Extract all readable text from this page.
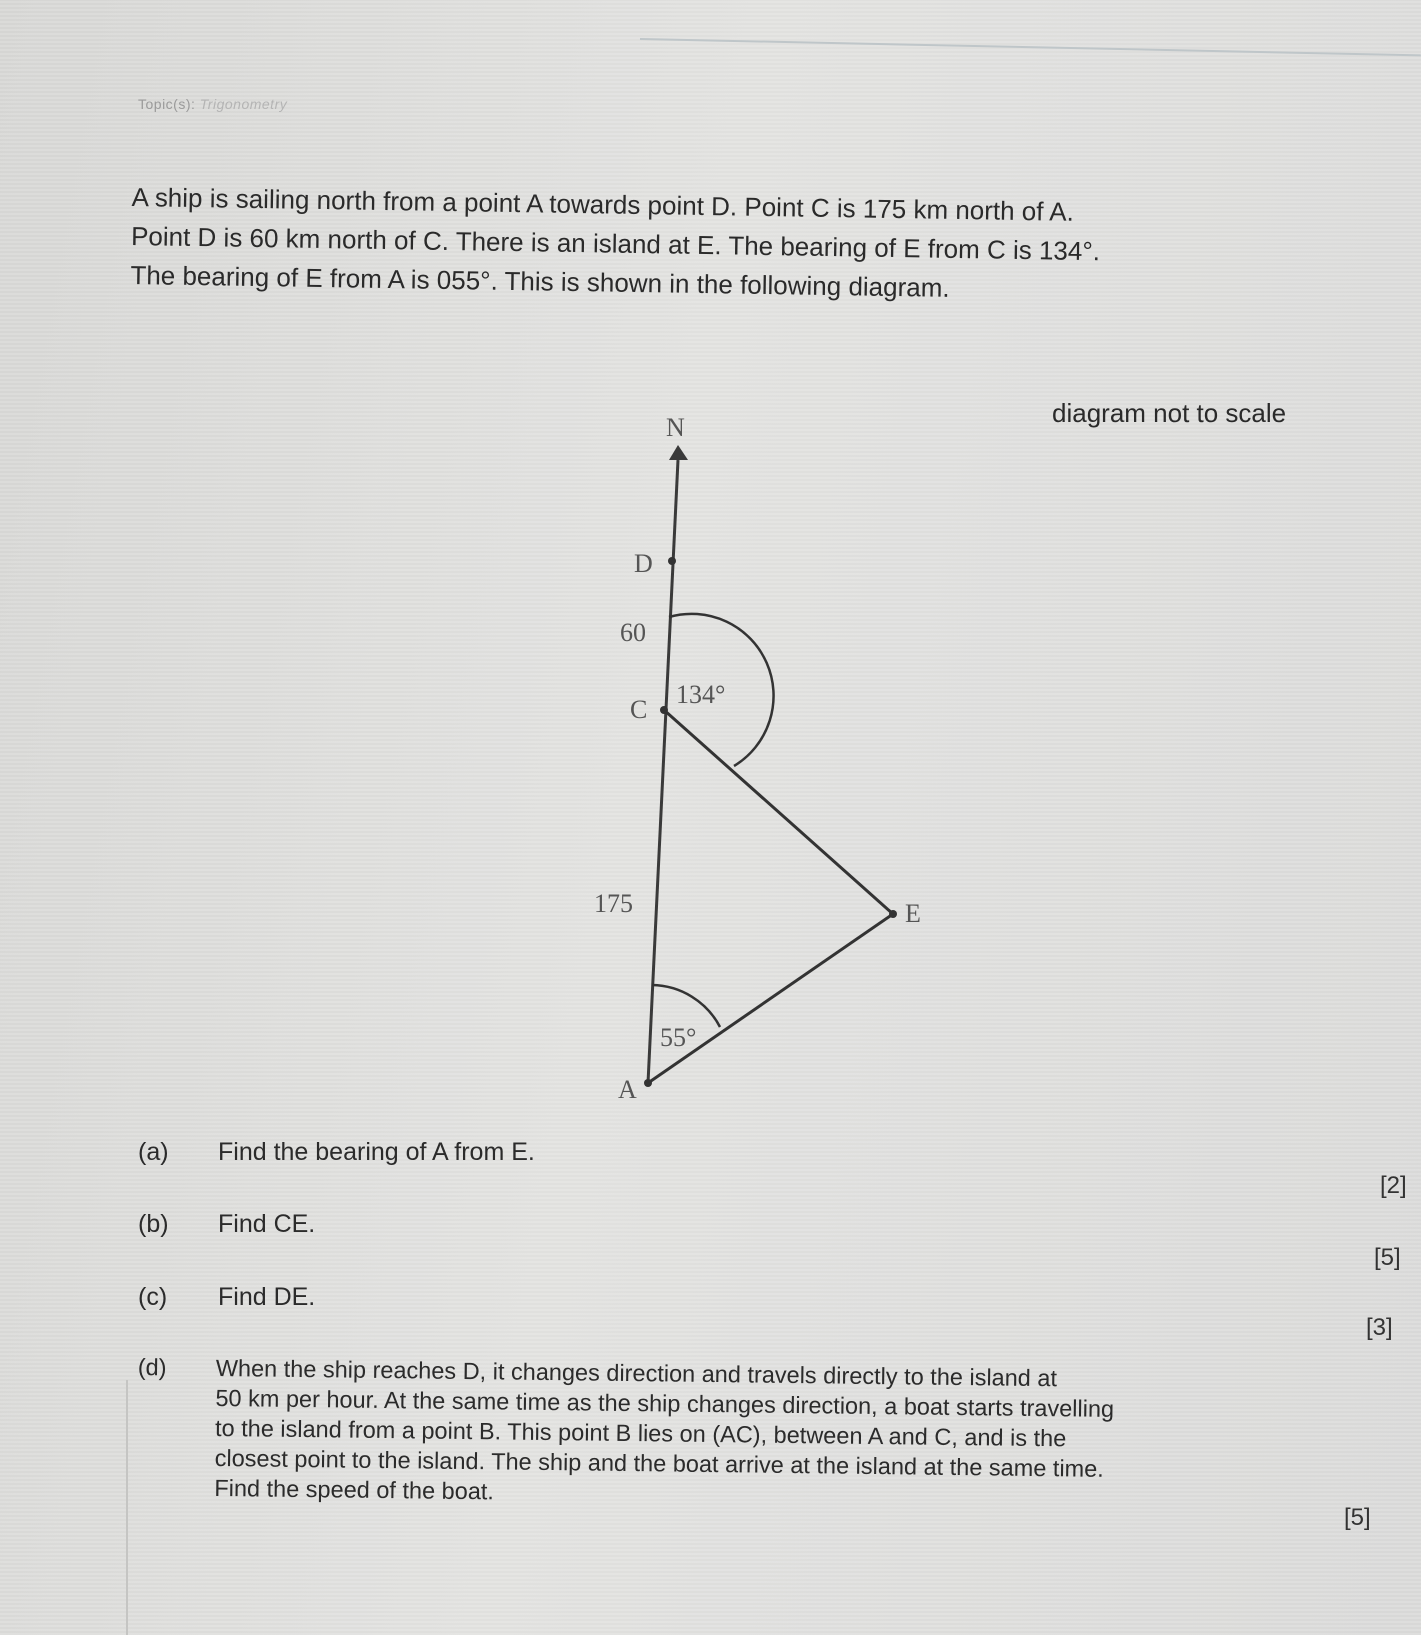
Topic(s): Trigonometry

A ship is sailing north from a point A towards point D. Point C is 175 km north of A.

Point D is 60 km north of C. There is an island at E. The bearing of E from C is 134°.

The bearing of E from A is 055°. This is shown in the following diagram.

diagram not to scale
N
D
60
C
134°
175	E
55°
A
(a) Find the bearing of A from E.
[2]
(b) Find CE.
[5]
(c) Find DE.
[3]
(d) When the ship reaches D, it changes direction and travels directly to the island at
50 km per hour. At the same time as the ship changes direction, a boat starts travelling
to the island from a point B. This point B lies on (AC), between A and C, and is the
closest point to the island. The ship and the boat arrive at the island at the same time.
Find the speed of the boat.
[5]
